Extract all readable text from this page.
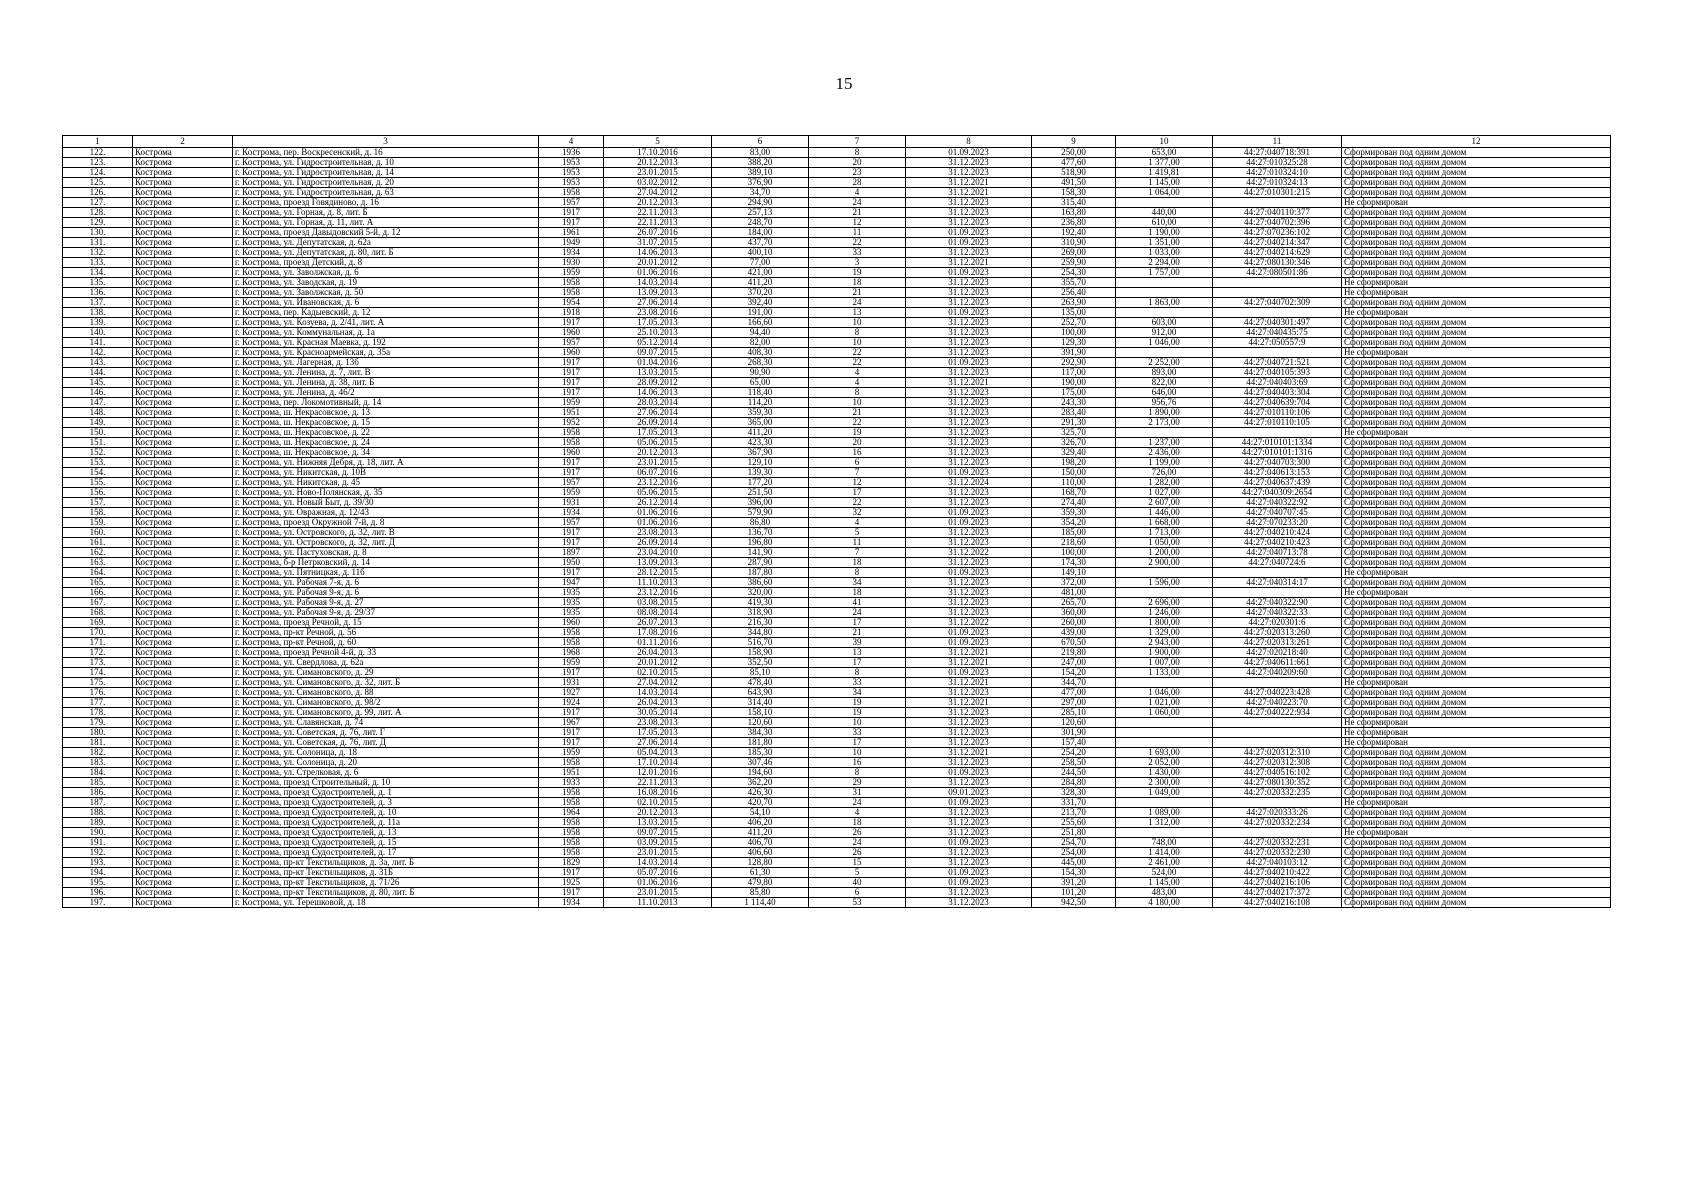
15
1	2	3	4	5	6	7	8	9	10	11	12
122.	Кострома	г. Кострома, пер. Воскресенский, д. 16	1936	17.10.2016	83,00	8	01.09.2023	250,00	653,00	44:27:040718:391	Сформирован под одним домом
123.	Кострома	г. Кострома, ул. Гидростроительная, д. 10	1953	20.12.2013	388,20	20	31.12.2023	477,60	1 377,00	44:27:010325:28	Сформирован под одним домом
124.	Кострома	г. Кострома, ул. Гидростроительная, д. 14	1953	23.01.2015	389,10	23	31.12.2023	518,90	1 419,81	44:27:010324:10	Сформирован под одним домом
125.	Кострома	г. Кострома, ул. Гидростроительная, д. 20	1953	03.02.2012	376,90	28	31.12.2021	491,50	1 145,00	44:27:010324:13	Сформирован под одним домом
126.	Кострома	г. Кострома, ул. Гидростроительная, д. 63	1958	27.04.2012	34,70	4	31.12.2021	158,30	1 064,00	44:27:010301:215	Сформирован под одним домом
127.	Кострома	г. Кострома, проезд Говядиново, д. 16	1957	20.12.2013	294,90	24	31.12.2023	315,40			Не сформирован
128.	Кострома	г. Кострома, ул. Горная, д. 8, лит. Б	1917	22.11.2013	257,13	21	31.12.2023	163,80	440,00	44:27:040110:377	Сформирован под одним домом
129.	Кострома	г. Кострома, ул. Горная, д. 11, лит. А	1917	22.11.2013	248,70	12	31.12.2023	236,80	610,00	44:27:040702:396	Сформирован под одним домом
130.	Кострома	г. Кострома, проезд Давыдовский 5-й, д. 12	1961	26.07.2016	184,00	11	01.09.2023	192,40	1 190,00	44:27:070236:102	Сформирован под одним домом
131.	Кострома	г. Кострома, ул. Депутатская, д. 62а	1949	31.07.2015	437,70	22	01.09.2023	310,90	1 351,00	44:27:040214:347	Сформирован под одним домом
132.	Кострома	г. Кострома, ул. Депутатская, д. 80, лит. Б	1934	14.06.2013	400,10	33	31.12.2023	269,00	1 033,00	44:27:040214:629	Сформирован под одним домом
133.	Кострома	г. Кострома, проезд Детский, д. 8	1930	20.01.2012	77,00	3	31.12.2021	259,90	2 294,00	44:27:080130:346	Сформирован под одним домом
134.	Кострома	г. Кострома, ул. Заволжская, д. 6	1959	01.06.2016	421,00	19	01.09.2023	254,30	1 757,00	44:27:080501:86	Сформирован под одним домом
135.	Кострома	г. Кострома, ул. Заводская, д. 19	1958	14.03.2014	411,20	18	31.12.2023	355,70			Не сформирован
136.	Кострома	г. Кострома, ул. Заволжская, д. 50	1958	13.09.2013	370,20	21	31.12.2023	256,40			Не сформирован
137.	Кострома	г. Кострома, ул. Ивановская, д. 6	1954	27.06.2014	392,40	24	31.12.2023	263,90	1 863,00	44:27:040702:309	Сформирован под одним домом
138.	Кострома	г. Кострома, пер. Кадыевский, д. 12	1918	23.08.2016	191,00	13	01.09.2023	135,00			Не сформирован
139.	Кострома	г. Кострома, ул. Козуева, д. 2/41, лит. А	1917	17.05.2013	166,60	10	31.12.2023	252,70	603,00	44:27:040301:497	Сформирован под одним домом
140.	Кострома	г. Кострома, ул. Коммунальная, д. 1а	1960	25.10.2013	94,40	8	31.12.2023	100,00	912,00	44:27:040435:75	Сформирован под одним домом
141.	Кострома	г. Кострома, ул. Красная Маевка, д. 192	1957	05.12.2014	82,00	10	31.12.2023	129,30	1 046,00	44:27:050557:9	Сформирован под одним домом
142.	Кострома	г. Кострома, ул. Красноармейская, д. 35а	1960	09.07.2015	408,30	22	31.12.2023	391,90			Не сформирован
143.	Кострома	г. Кострома, ул. Лагерная, д. 13б	1917	01.04.2016	268,30	22	01.09.2023	292,90	2 252,00	44:27:040721:521	Сформирован под одним домом
144.	Кострома	г. Кострома, ул. Ленина, д. 7, лит. В	1917	13.03.2015	90,90	4	31.12.2023	117,00	893,00	44:27:040105:393	Сформирован под одним домом
145.	Кострома	г. Кострома, ул. Ленина, д. 38, лит. Б	1917	28.09.2012	65,00	4	31.12.2021	190,00	822,00	44:27:040403:69	Сформирован под одним домом
146.	Кострома	г. Кострома, ул. Ленина, д. 46/2	1917	14.06.2013	118,40	8	31.12.2023	175,00	646,00	44:27:040403:304	Сформирован под одним домом
147.	Кострома	г. Кострома, пер. Локомотивный, д. 14	1959	28.03.2014	114,20	10	31.12.2023	243,30	956,76	44:27:040639:704	Сформирован под одним домом
148.	Кострома	г. Кострома, ш. Некрасовское, д. 13	1951	27.06.2014	359,30	21	31.12.2023	283,40	1 890,00	44:27:010110:106	Сформирован под одним домом
149.	Кострома	г. Кострома, ш. Некрасовское, д. 15	1952	26.09.2014	365,00	22	31.12.2023	291,30	2 173,00	44:27:010110:105	Сформирован под одним домом
150.	Кострома	г. Кострома, ш. Некрасовское, д. 22	1958	17.05.2013	411,20	19	31.12.2023	325,70			Не сформирован
151.	Кострома	г. Кострома, ш. Некрасовское, д. 24	1958	05.06.2015	423,30	20	31.12.2023	326,70	1 237,00	44:27:010101:1334	Сформирован под одним домом
152.	Кострома	г. Кострома, ш. Некрасовское, д. 34	1960	20.12.2013	367,90	16	31.12.2023	329,40	2 436,00	44:27:010101:1316	Сформирован под одним домом
153.	Кострома	г. Кострома, ул. Нижняя Дебря, д. 18, лит. А	1917	23.01.2015	129,10	6	31.12.2023	198,20	1 199,00	44:27:040703:300	Сформирован под одним домом
154.	Кострома	г. Кострома, ул. Никитская, д. 10В	1917	06.07.2016	139,30	7	01.09.2023	150,00	726,00	44:27:040613:153	Сформирован под одним домом
155.	Кострома	г. Кострома, ул. Никитская, д. 45	1957	23.12.2016	177,20	12	31.12.2024	110,00	1 282,00	44:27:040637:439	Сформирован под одним домом
156.	Кострома	г. Кострома, ул. Ново-Полянская, д. 35	1959	05.06.2015	251,50	17	31.12.2023	168,70	1 027,00	44:27:040309:2654	Сформирован под одним домом
157.	Кострома	г. Кострома, ул. Новый Быт, д. 39/30	1931	26.12.2014	396,00	22	31.12.2023	274,40	2 607,00	44:27:040322:92	Сформирован под одним домом
158.	Кострома	г. Кострома, ул. Овражная, д. 12/43	1934	01.06.2016	579,90	32	01.09.2023	359,30	1 446,00	44:27:040707:45	Сформирован под одним домом
159.	Кострома	г. Кострома, проезд Окружной 7-й, д. 8	1957	01.06.2016	86,80	4	01.09.2023	354,20	1 668,00	44:27:070233:20	Сформирован под одним домом
160.	Кострома	г. Кострома, ул. Островского, д. 32, лит. В	1917	23.08.2013	136,70	5	31.12.2023	185,00	1 713,00	44:27:040210:424	Сформирован под одним домом
161.	Кострома	г. Кострома, ул. Островского, д. 32, лит. Д	1917	26.09.2014	196,80	11	31.12.2023	218,60	1 050,00	44:27:040210:423	Сформирован под одним домом
162.	Кострома	г. Кострома, ул. Пастуховская, д. 8	1897	23.04.2010	141,90	7	31.12.2022	100,00	1 200,00	44:27:040713:78	Сформирован под одним домом
163.	Кострома	г. Кострома, б-р Петрковский, д. 14	1950	13.09.2013	287,90	18	31.12.2023	174,30	2 900,00	44:27:040724:6	Сформирован под одним домом
164.	Кострома	г. Кострома, ул. Пятницкая, д. 11б	1917	28.12.2015	187,80	8	01.09.2023	149,10			Не сформирован
165.	Кострома	г. Кострома, ул. Рабочая 7-я, д. 6	1947	11.10.2013	386,60	34	31.12.2023	372,00	1 596,00	44:27:040314:17	Сформирован под одним домом
166.	Кострома	г. Кострома, ул. Рабочая 9-я, д. 6	1935	23.12.2016	320,00	18	31.12.2023	481,00			Не сформирован
167.	Кострома	г. Кострома, ул. Рабочая 9-я, д. 27	1935	03.08.2015	419,30	41	31.12.2023	265,70	2 696,00	44:27:040322:90	Сформирован под одним домом
168.	Кострома	г. Кострома, ул. Рабочая 9-я, д. 29/37	1935	08.08.2014	318,90	24	31.12.2023	360,00	1 246,00	44:27:040322:33	Сформирован под одним домом
169.	Кострома	г. Кострома, проезд Речной, д. 15	1960	26.07.2013	216,30	17	31.12.2022	260,00	1 800,00	44:27:020301:6	Сформирован под одним домом
170.	Кострома	г. Кострома, пр-кт Речной, д. 56	1958	17.08.2016	344,80	21	01.09.2023	439,00	1 329,00	44:27:020313:260	Сформирован под одним домом
171.	Кострома	г. Кострома, пр-кт Речной, д. 60	1958	01.11.2016	516,70	39	01.09.2023	670,50	2 943,00	44:27:020313:261	Сформирован под одним домом
172.	Кострома	г. Кострома, проезд Речной 4-й, д. 33	1968	26.04.2013	158,90	13	31.12.2021	219,80	1 900,00	44:27:020218:40	Сформирован под одним домом
173.	Кострома	г. Кострома, ул. Свердлова, д. 62а	1959	20.01.2012	352,50	17	31.12.2021	247,00	1 007,00	44:27:040611:661	Сформирован под одним домом
174.	Кострома	г. Кострома, ул. Симановского, д. 29	1917	02.10.2015	85,10	8	01.09.2023	154,20	1 133,00	44:27:040209:60	Сформирован под одним домом
175.	Кострома	г. Кострома, ул. Симановского, д. 32, лит. Б	1931	27.04.2012	478,40	33	31.12.2021	344,70			Не сформирован
176.	Кострома	г. Кострома, ул. Симановского, д. 88	1927	14.03.2014	643,90	34	31.12.2023	477,00	1 046,00	44:27:040223:428	Сформирован под одним домом
177.	Кострома	г. Кострома, ул. Симановского, д. 98/2	1924	26.04.2013	314,40	19	31.12.2021	297,00	1 021,00	44:27:040223:70	Сформирован под одним домом
178.	Кострома	г. Кострома, ул. Симановского, д. 99, лит. А	1917	30.05.2014	158,10	19	31.12.2023	285,10	1 060,00	44:27:040222:934	Сформирован под одним домом
179.	Кострома	г. Кострома, ул. Славянская, д. 74	1967	23.08.2013	120,60	10	31.12.2023	120,60			Не сформирован
180.	Кострома	г. Кострома, ул. Советская, д. 76, лит. Г	1917	17.05.2013	384,30	33	31.12.2023	301,90			Не сформирован
181.	Кострома	г. Кострома, ул. Советская, д. 76, лит. Д	1917	27.06.2014	181,80	17	31.12.2023	157,40			Не сформирован
182.	Кострома	г. Кострома, ул. Солоница, д. 18	1959	05.04.2013	185,30	10	31.12.2021	254,20	1 693,00	44:27:020312:310	Сформирован под одним домом
183.	Кострома	г. Кострома, ул. Солоница, д. 20	1958	17.10.2014	307,46	16	31.12.2023	258,50	2 052,00	44:27:020312:308	Сформирован под одним домом
184.	Кострома	г. Кострома, ул. Стрелковая, д. 6	1951	12.01.2016	194,60	8	01.09.2023	244,50	1 430,00	44:27:040516:102	Сформирован под одним домом
185.	Кострома	г. Кострома, проезд Строительный, д. 10	1933	22.11.2013	362,20	29	31.12.2023	284,80	2 300,00	44:27:080130:352	Сформирован под одним домом
186.	Кострома	г. Кострома, проезд Судостроителей, д. 1	1958	16.08.2016	426,30	31	09.01.2023	328,30	1 049,00	44:27:020332:235	Сформирован под одним домом
187.	Кострома	г. Кострома, проезд Судостроителей, д. 3	1958	02.10.2015	420,70	24	01.09.2023	331,70			Не сформирован
188.	Кострома	г. Кострома, проезд Судостроителей, д. 10	1964	20.12.2013	54,10	4	31.12.2023	213,70	1 089,00	44:27:020333:26	Сформирован под одним домом
189.	Кострома	г. Кострома, проезд Судостроителей, д. 11а	1958	13.03.2015	406,20	18	31.12.2023	255,60	1 312,00	44:27:020332:234	Сформирован под одним домом
190.	Кострома	г. Кострома, проезд Судостроителей, д. 13	1958	09.07.2015	411,20	26	31.12.2023	251,80			Не сформирован
191.	Кострома	г. Кострома, проезд Судостроителей, д. 15	1958	03.09.2015	406,70	24	01.09.2023	254,70	748,00	44:27:020332:231	Сформирован под одним домом
192.	Кострома	г. Кострома, проезд Судостроителей, д. 17	1958	23.01.2015	406,60	26	31.12.2023	254,00	1 414,00	44:27:020332:230	Сформирован под одним домом
193.	Кострома	г. Кострома, пр-кт Текстильщиков, д. 3а, лит. Б	1829	14.03.2014	128,80	15	31.12.2023	445,00	2 461,00	44:27:040103:12	Сформирован под одним домом
194.	Кострома	г. Кострома, пр-кт Текстильщиков, д. 31Б	1917	05.07.2016	61,30	5	01.09.2023	154,30	524,00	44:27:040210:422	Сформирован под одним домом
195.	Кострома	г. Кострома, пр-кт Текстильщиков, д. 71/26	1925	01.06.2016	479,80	40	01.09.2023	391,20	1 145,00	44:27:040216:106	Сформирован под одним домом
196.	Кострома	г. Кострома, пр-кт Текстильщиков, д. 80, лит. Б	1917	23.01.2015	85,80	6	31.12.2023	101,20	483,00	44:27:040217:372	Сформирован под одним домом
197.	Кострома	г. Кострома, ул. Терешковой, д. 18	1934	11.10.2013	1 114,40	53	31.12.2023	942,50	4 180,00	44:27:040216:108	Сформирован под одним домом
